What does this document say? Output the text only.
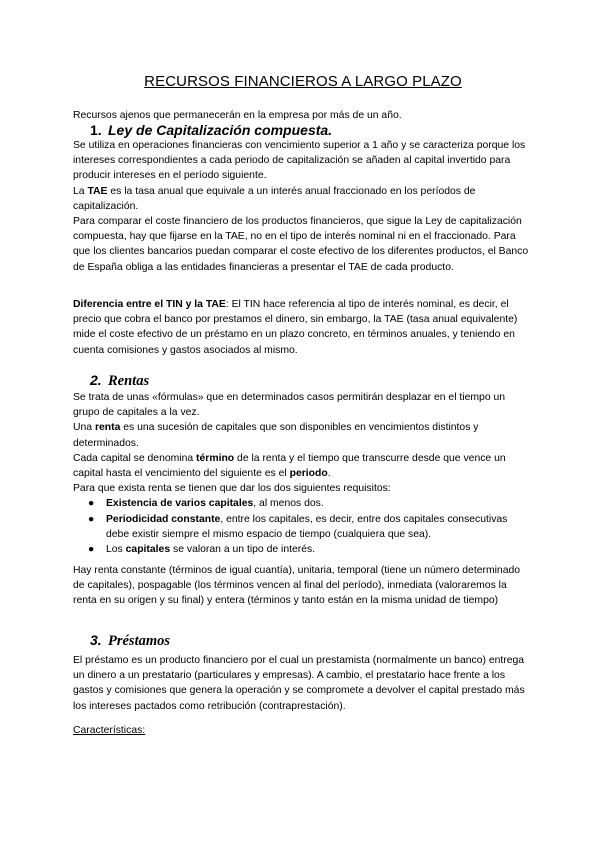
RECURSOS FINANCIEROS A LARGO PLAZO

Recursos ajenos que permanecerán en la empresa por más de un año.

1. Ley de Capitalización compuesta.

Se utiliza en operaciones financieras con vencimiento superior a 1 año y se caracteriza porque los intereses correspondientes a cada periodo de capitalización se añaden al capital invertido para producir intereses en el período siguiente.

La TAE es la tasa anual que equivale a un interés anual fraccionado en los períodos de capitalización.

Para comparar el coste financiero de los productos financieros, que sigue la Ley de capitalización compuesta, hay que fijarse en la TAE, no en el tipo de interés nominal ni en el fraccionado. Para que los clientes bancarios puedan comparar el coste efectivo de los diferentes productos, el Banco de España obliga a las entidades financieras a presentar el TAE de cada producto.

Diferencia entre el TIN y la TAE: El TIN hace referencia al tipo de interés nominal, es decir, el precio que cobra el banco por prestamos el dinero, sin embargo, la TAE (tasa anual equivalente) mide el coste efectivo de un préstamo en un plazo concreto, en términos anuales, y teniendo en cuenta comisiones y gastos asociados al mismo.

2. Rentas

Se trata de unas «fórmulas» que en determinados casos permitirán desplazar en el tiempo un grupo de capitales a la vez.

Una renta es una sucesión de capitales que son disponibles en vencimientos distintos y determinados.

Cada capital se denomina término de la renta y el tiempo que transcurre desde que vence un capital hasta el vencimiento del siguiente es el periodo.

Para que exista renta se tienen que dar los dos siguientes requisitos:

● Existencia de varios capitales, al menos dos.
● Periodicidad constante, entre los capitales, es decir, entre dos capitales consecutivas debe existir siempre el mismo espacio de tiempo (cualquiera que sea).
● Los capitales se valoran a un tipo de interés.

Hay renta constante (términos de igual cuantía), unitaria, temporal (tiene un número determinado de capitales), pospagable (los términos vencen al final del período), inmediata (valoraremos la renta en su origen y su final) y entera (términos y tanto están en la misma unidad de tiempo)

3. Préstamos

El préstamo es un producto financiero por el cual un prestamista (normalmente un banco) entrega un dinero a un prestatario (particulares y empresas). A cambio, el prestatario hace frente a los gastos y comisiones que genera la operación y se compromete a devolver el capital prestado más los intereses pactados como retribución (contraprestación).

Características:
